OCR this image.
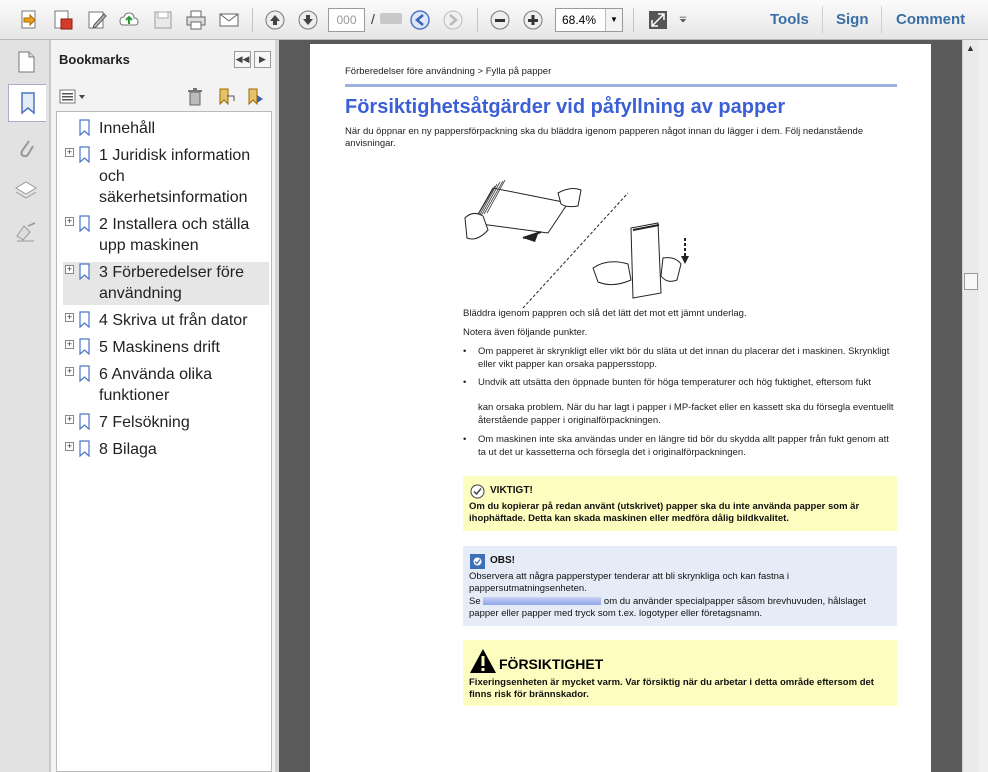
000	/ 000	68.4%	▼	Tools Sign Comment
Bookmarks	◀◀	▶
Innehåll
+ 1 Juridisk information och säkerhetsinformation
+ 2 Installera och ställa upp maskinen
+ 3 Förberedelser före användning
+ 4 Skriva ut från dator
+ 5 Maskinens drift
+ 6 Använda olika funktioner
+ 7 Felsökning
+ 8 Bilaga
Förberedelser före användning > Fylla på papper
Försiktighetsåtgärder vid påfyllning av papper

När du öppnar en ny pappersförpackning ska du bläddra igenom papperen något innan du lägger i dem. Följ nedanstående anvisningar.

Bläddra igenom pappren och slå det lätt det mot ett jämnt underlag.
Notera även följande punkter.
• Om papperet är skrynkligt eller vikt bör du släta ut det innan du placerar det i maskinen. Skrynkligt eller vikt papper kan orsaka pappersstopp.
• Undvik att utsätta den öppnade bunten för höga temperaturer och hög fuktighet, eftersom fukt
kan orsaka problem. När du har lagt i papper i MP-facket eller en kassett ska du försegla eventuellt återstående papper i originalförpackningen.
• Om maskinen inte ska användas under en längre tid bör du skydda allt papper från fukt genom att ta ut det ur kassetterna och försegla det i originalförpackningen.
VIKTIGT!
Om du kopierar på redan använt (utskrivet) papper ska du inte använda papper som är ihophäftade. Detta kan skada maskinen eller medföra dålig bildkvalitet.
OBS!
Observera att några papperstyper tenderar att bli skrynkliga och kan fastna i pappersutmatningsenheten.
Se	om du använder specialpapper såsom brevhuvuden, hålslaget papper eller papper med tryck som t.ex. logotyper eller företagsnamn.
FÖRSIKTIGHET
Fixeringsenheten är mycket varm. Var försiktig när du arbetar i detta område eftersom det finns risk för brännskador.
▲
